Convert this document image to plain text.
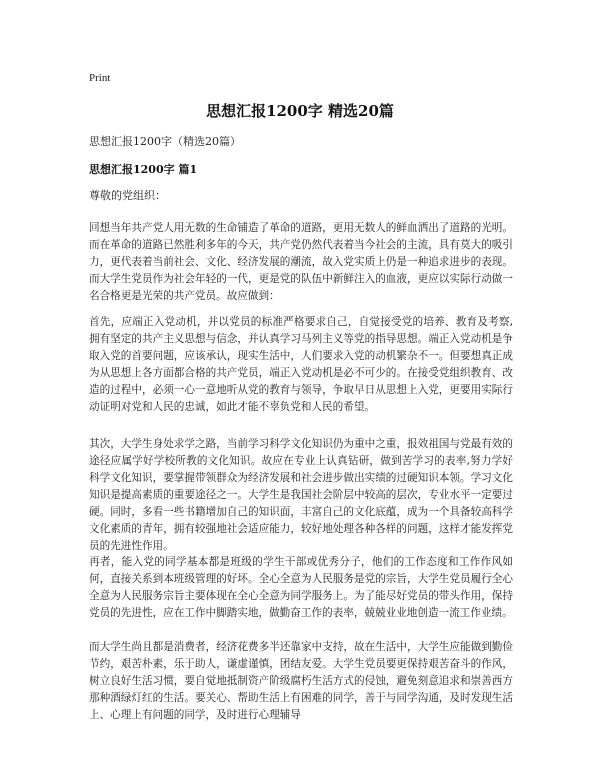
Print
思想汇报1200字 精选20篇
思想汇报1200字（精选20篇）
思想汇报1200字 篇1
尊敬的党组织：

回想当年共产党人用无数的生命铺造了革命的道路，更用无数人的鲜血洒出了道路的光明。而在革命的道路已然胜利多年的今天，共产党仍然代表着当今社会的主流，具有莫大的吸引力，更代表着当前社会、文化、经济发展的潮流，故入党实质上仍是一种追求进步的表现。而大学生党员作为社会年轻的一代，更是党的队伍中新鲜注入的血液，更应以实际行动做一名合格更是光荣的共产党员。故应做到：

首先，应端正入党动机，并以党员的标准严格要求自己，自觉接受党的培养、教育及考察,拥有坚定的共产主义思想与信念，并认真学习马列主义等党的指导思想。端正入党动机是争取入党的首要问题，应该承认，现实生活中，人们要求入党的动机繁杂不一。但要想真正成为从思想上各方面都合格的共产党员，端正入党动机是必不可少的。在接受党组织教育、改造的过程中，必须一心一意地听从党的教育与领导，争取早日从思想上入党，更要用实际行动证明对党和人民的忠诚，如此才能不辜负党和人民的希望。

其次，大学生身处求学之路，当前学习科学文化知识仍为重中之重，报效祖国与党最有效的途径应属学好学校所教的文化知识。故应在专业上认真钻研，做到苦学习的表率,努力学好科学文化知识，要掌握带领群众为经济发展和社会进步做出实绩的过硬知识本领。学习文化知识是提高素质的重要途径之一。大学生是我国社会阶层中较高的层次，专业水平一定要过硬。同时，多看一些书籍增加自己的知识面，丰富自己的文化底蕴，成为一个具备较高科学文化素质的青年，拥有较强地社会适应能力，较好地处理各种各样的问题，这样才能发挥党员的先进性作用。

再者，能入党的同学基本都是班级的学生干部或优秀分子，他们的工作态度和工作作风如何，直接关系到本班级管理的好坏。全心全意为人民服务是党的宗旨，大学生党员履行全心全意为人民服务宗旨主要体现在全心全意为同学服务上。为了能尽好党员的带头作用，保持党员的先进性，应在工作中脚踏实地，做勤奋工作的表率，兢兢业业地创造一流工作业绩。

而大学生尚且都是消费者，经济花费多半还靠家中支持，故在生活中，大学生应能做到勤俭节约，艰苦朴素，乐于助人，谦虚谨慎，团结友爱。大学生党员要更保持艰苦奋斗的作风，树立良好生活习惯，要自觉地抵制资产阶级腐朽生活方式的侵蚀，避免刻意追求和崇善西方那种酒绿灯红的生活。要关心、帮助生活上有困难的同学，善于与同学沟通，及时发现生活上、心理上有问题的同学，及时进行心理辅导
